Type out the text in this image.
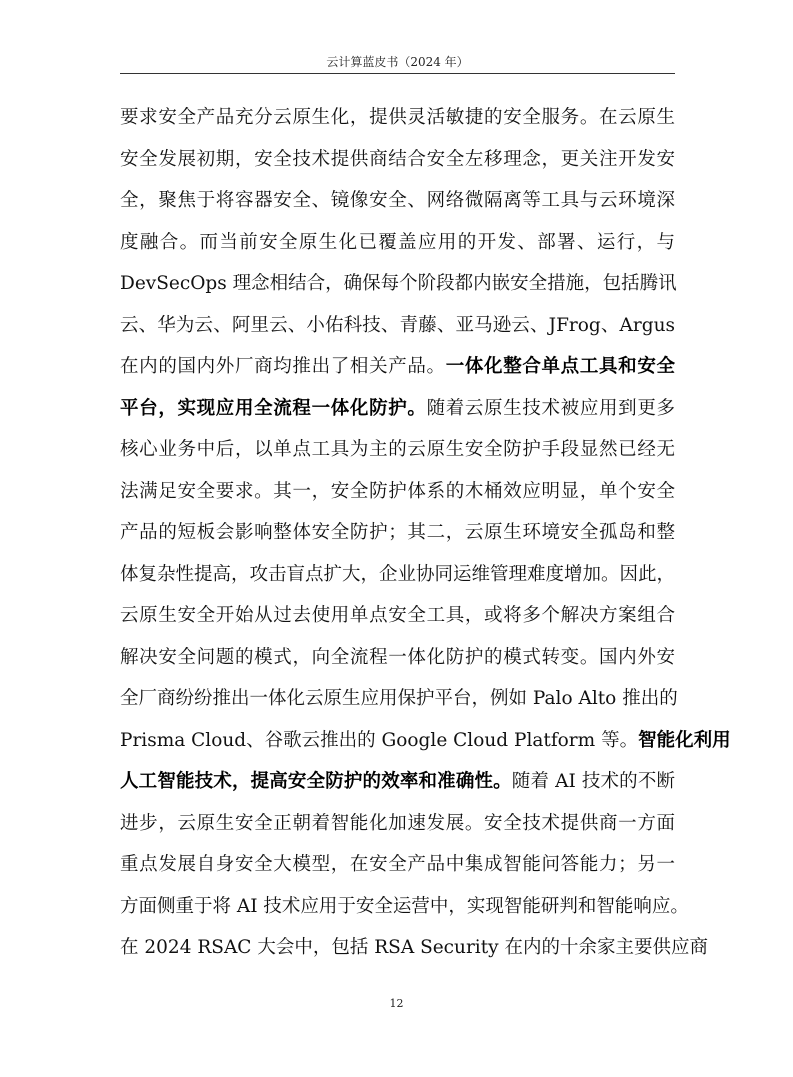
云计算蓝皮书（2024 年）
要求安全产品充分云原生化，提供灵活敏捷的安全服务。在云原生
安全发展初期，安全技术提供商结合安全左移理念，更关注开发安
全，聚焦于将容器安全、镜像安全、网络微隔离等工具与云环境深
度融合。而当前安全原生化已覆盖应用的开发、部署、运行，与
DevSecOps 理念相结合，确保每个阶段都内嵌安全措施，包括腾讯
云、华为云、阿里云、小佑科技、青藤、亚马逊云、JFrog、Argus
在内的国内外厂商均推出了相关产品。一体化整合单点工具和安全
平台，实现应用全流程一体化防护。随着云原生技术被应用到更多
核心业务中后，以单点工具为主的云原生安全防护手段显然已经无
法满足安全要求。其一，安全防护体系的木桶效应明显，单个安全
产品的短板会影响整体安全防护；其二，云原生环境安全孤岛和整
体复杂性提高，攻击盲点扩大，企业协同运维管理难度增加。因此，
云原生安全开始从过去使用单点安全工具，或将多个解决方案组合
解决安全问题的模式，向全流程一体化防护的模式转变。国内外安
全厂商纷纷推出一体化云原生应用保护平台，例如 Palo Alto 推出的
Prisma Cloud、谷歌云推出的 Google Cloud Platform 等。智能化利用
人工智能技术，提高安全防护的效率和准确性。随着 AI 技术的不断
进步，云原生安全正朝着智能化加速发展。安全技术提供商一方面
重点发展自身安全大模型，在安全产品中集成智能问答能力；另一
方面侧重于将 AI 技术应用于安全运营中，实现智能研判和智能响应。
在 2024 RSAC 大会中，包括 RSA Security 在内的十余家主要供应商
12
